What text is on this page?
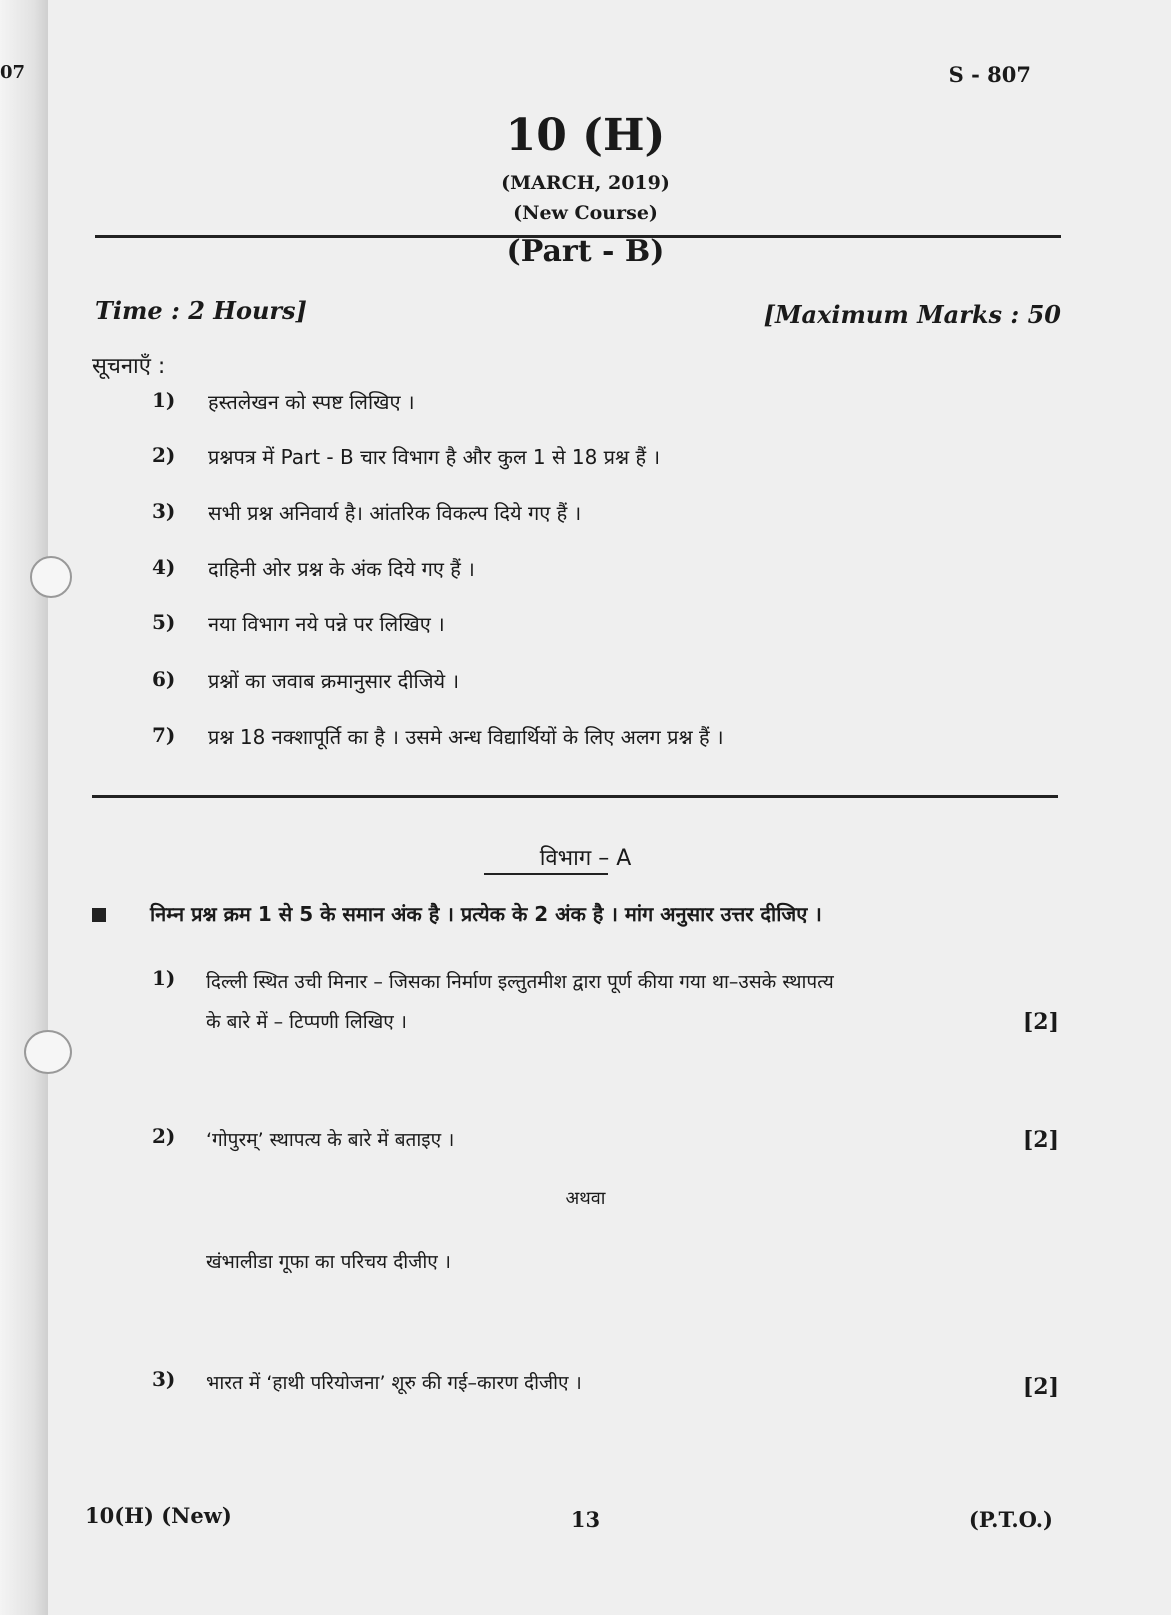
07	S - 807
10 (H)
(MARCH, 2019)
(New Course)
(Part - B)
Time : 2 Hours]	[Maximum Marks : 50
सूचनाएँ :
1) हस्तलेखन को स्पष्ट लिखिए ।
2) प्रश्नपत्र में Part - B चार विभाग है और कुल 1 से 18 प्रश्न हैं ।
3) सभी प्रश्न अनिवार्य है। आंतरिक विकल्प दिये गए हैं ।
4) दाहिनी ओर प्रश्न के अंक दिये गए हैं ।
5) नया विभाग नये पन्ने पर लिखिए ।
6) प्रश्नों का जवाब क्रमानुसार दीजिये ।
7) प्रश्न 18 नक्शापूर्ति का है । उसमे अन्ध विद्यार्थियों के लिए अलग प्रश्न हैं ।
विभाग – A
निम्न प्रश्न क्रम 1 से 5 के समान अंक है । प्रत्येक के 2 अंक है । मांग अनुसार उत्तर दीजिए ।
1) दिल्ली स्थित उची मिनार – जिसका निर्माण इल्तुतमीश द्वारा पूर्ण कीया गया था–उसके स्थापत्य
के बारे में – टिप्पणी लिखिए ।	[2]
2) ‘गोपुरम्’ स्थापत्य के बारे में बताइए ।	[2]
अथवा
खंभालीडा गूफा का परिचय दीजीए ।
3) भारत में ‘हाथी परियोजना’ शूरु की गई–कारण दीजीए ।	[2]
10(H) (New)	13	(P.T.O.)
